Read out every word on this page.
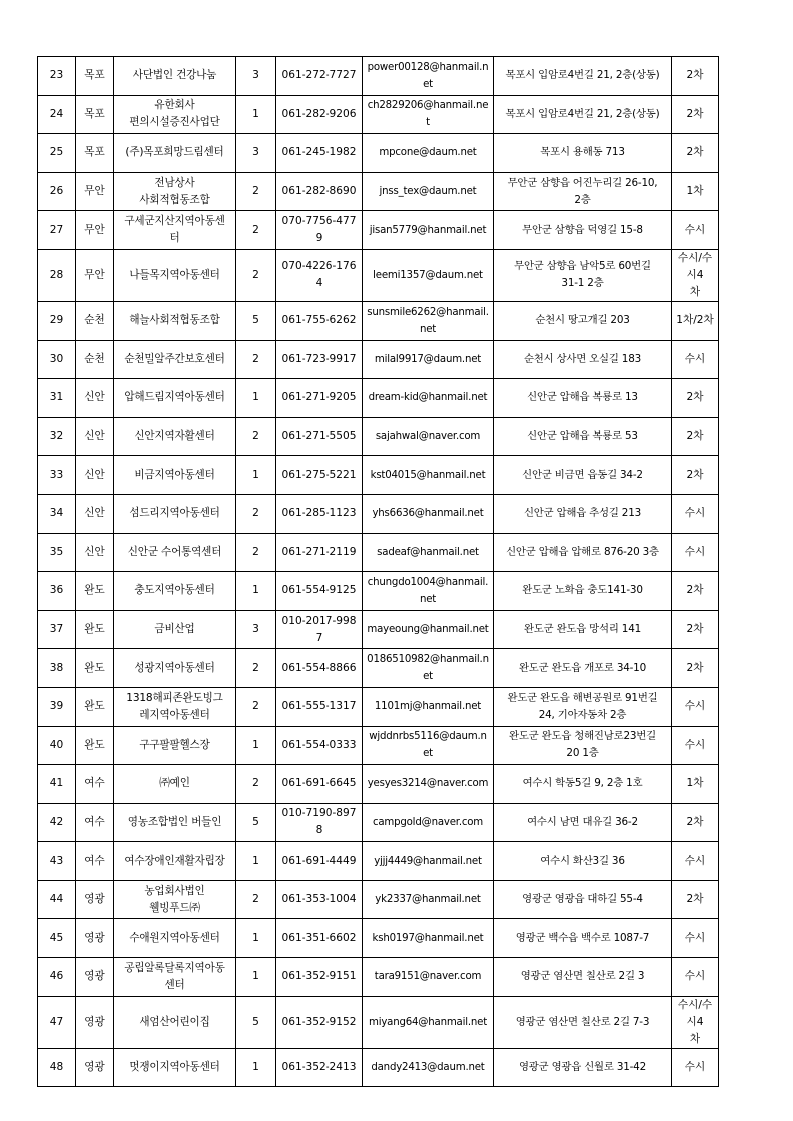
23	목포	사단법인 건강나눔	3	061-272-7727	power00128@hanmail.n
et	목포시 입암로4번길 21, 2층(상동)	2차
24	목포	유한회사
편의시설증진사업단	1	061-282-9206	ch2829206@hanmail.ne
t	목포시 입암로4번길 21, 2층(상동)	2차
25	목포	(주)목포희망드림센터	3	061-245-1982	mpcone@daum.net	목포시 용해동 713	2차
26	무안	전남상사
사회적협동조합	2	061-282-8690	jnss_tex@daum.net	무안군 삼향읍 어진누리길 26-10,
2층	1차
27	무안	구세군지산지역아동센
터	2	070-7756-477
9	jisan5779@hanmail.net	무안군 삼향읍 덕영길 15-8	수시
28	무안	나들목지역아동센터	2	070-4226-176
4	leemi1357@daum.net	무안군 삼향읍 남악5로 60번길
31-1 2층	수시/수시4
차
29	순천	해늘사회적협동조합	5	061-755-6262	sunsmile6262@hanmail.
net	순천시 땅고개길 203	1차/2차
30	순천	순천밀알주간보호센터	2	061-723-9917	milal9917@daum.net	순천시 상사면 오실길 183	수시
31	신안	압해드림지역아동센터	1	061-271-9205	dream-kid@hanmail.net	신안군 압해읍 복룡로 13	2차
32	신안	신안지역자활센터	2	061-271-5505	sajahwal@naver.com	신안군 압해읍 복룡로 53	2차
33	신안	비금지역아동센터	1	061-275-5221	kst04015@hanmail.net	신안군 비금면 읍동길 34-2	2차
34	신안	섬드리지역아동센터	2	061-285-1123	yhs6636@hanmail.net	신안군 압해읍 추성길 213	수시
35	신안	신안군 수어통역센터	2	061-271-2119	sadeaf@hanmail.net	신안군 압해읍 압해로 876-20 3층	수시
36	완도	충도지역아동센터	1	061-554-9125	chungdo1004@hanmail.
net	완도군 노화읍 충도141-30	2차
37	완도	금비산업	3	010-2017-998
7	mayeoung@hanmail.net	완도군 완도읍 망석리 141	2차
38	완도	성광지역아동센터	2	061-554-8866	0186510982@hanmail.n
et	완도군 완도읍 개포로 34-10	2차
39	완도	1318해피존완도빙그
레지역아동센터	2	061-555-1317	1101mj@hanmail.net	완도군 완도읍 해변공원로 91번길
24, 기아자동차 2층	수시
40	완도	구구팔팔헬스장	1	061-554-0333	wjddnrbs5116@daum.n
et	완도군 완도읍 청해진남로23번길
20 1층	수시
41	여수	㈜예인	2	061-691-6645	yesyes3214@naver.com	여수시 학동5길 9, 2층 1호	1차
42	여수	영농조합법인 버들인	5	010-7190-897
8	campgold@naver.com	여수시 남면 대유길 36-2	2차
43	여수	여수장애인재활자립장	1	061-691-4449	yjjj4449@hanmail.net	여수시 화산3길 36	수시
44	영광	농업회사법인
웰빙푸드㈜	2	061-353-1004	yk2337@hanmail.net	영광군 영광읍 대하길 55-4	2차
45	영광	수애원지역아동센터	1	061-351-6602	ksh0197@hanmail.net	영광군 백수읍 백수로 1087-7	수시
46	영광	공립알록달록지역아동
센터	1	061-352-9151	tara9151@naver.com	영광군 염산면 칠산로 2길 3	수시
47	영광	새엄산어린이집	5	061-352-9152	miyang64@hanmail.net	영광군 염산면 칠산로 2길 7-3	수시/수시4
차
48	영광	멋쟁이지역아동센터	1	061-352-2413	dandy2413@daum.net	영광군 영광읍 신월로 31-42	수시
